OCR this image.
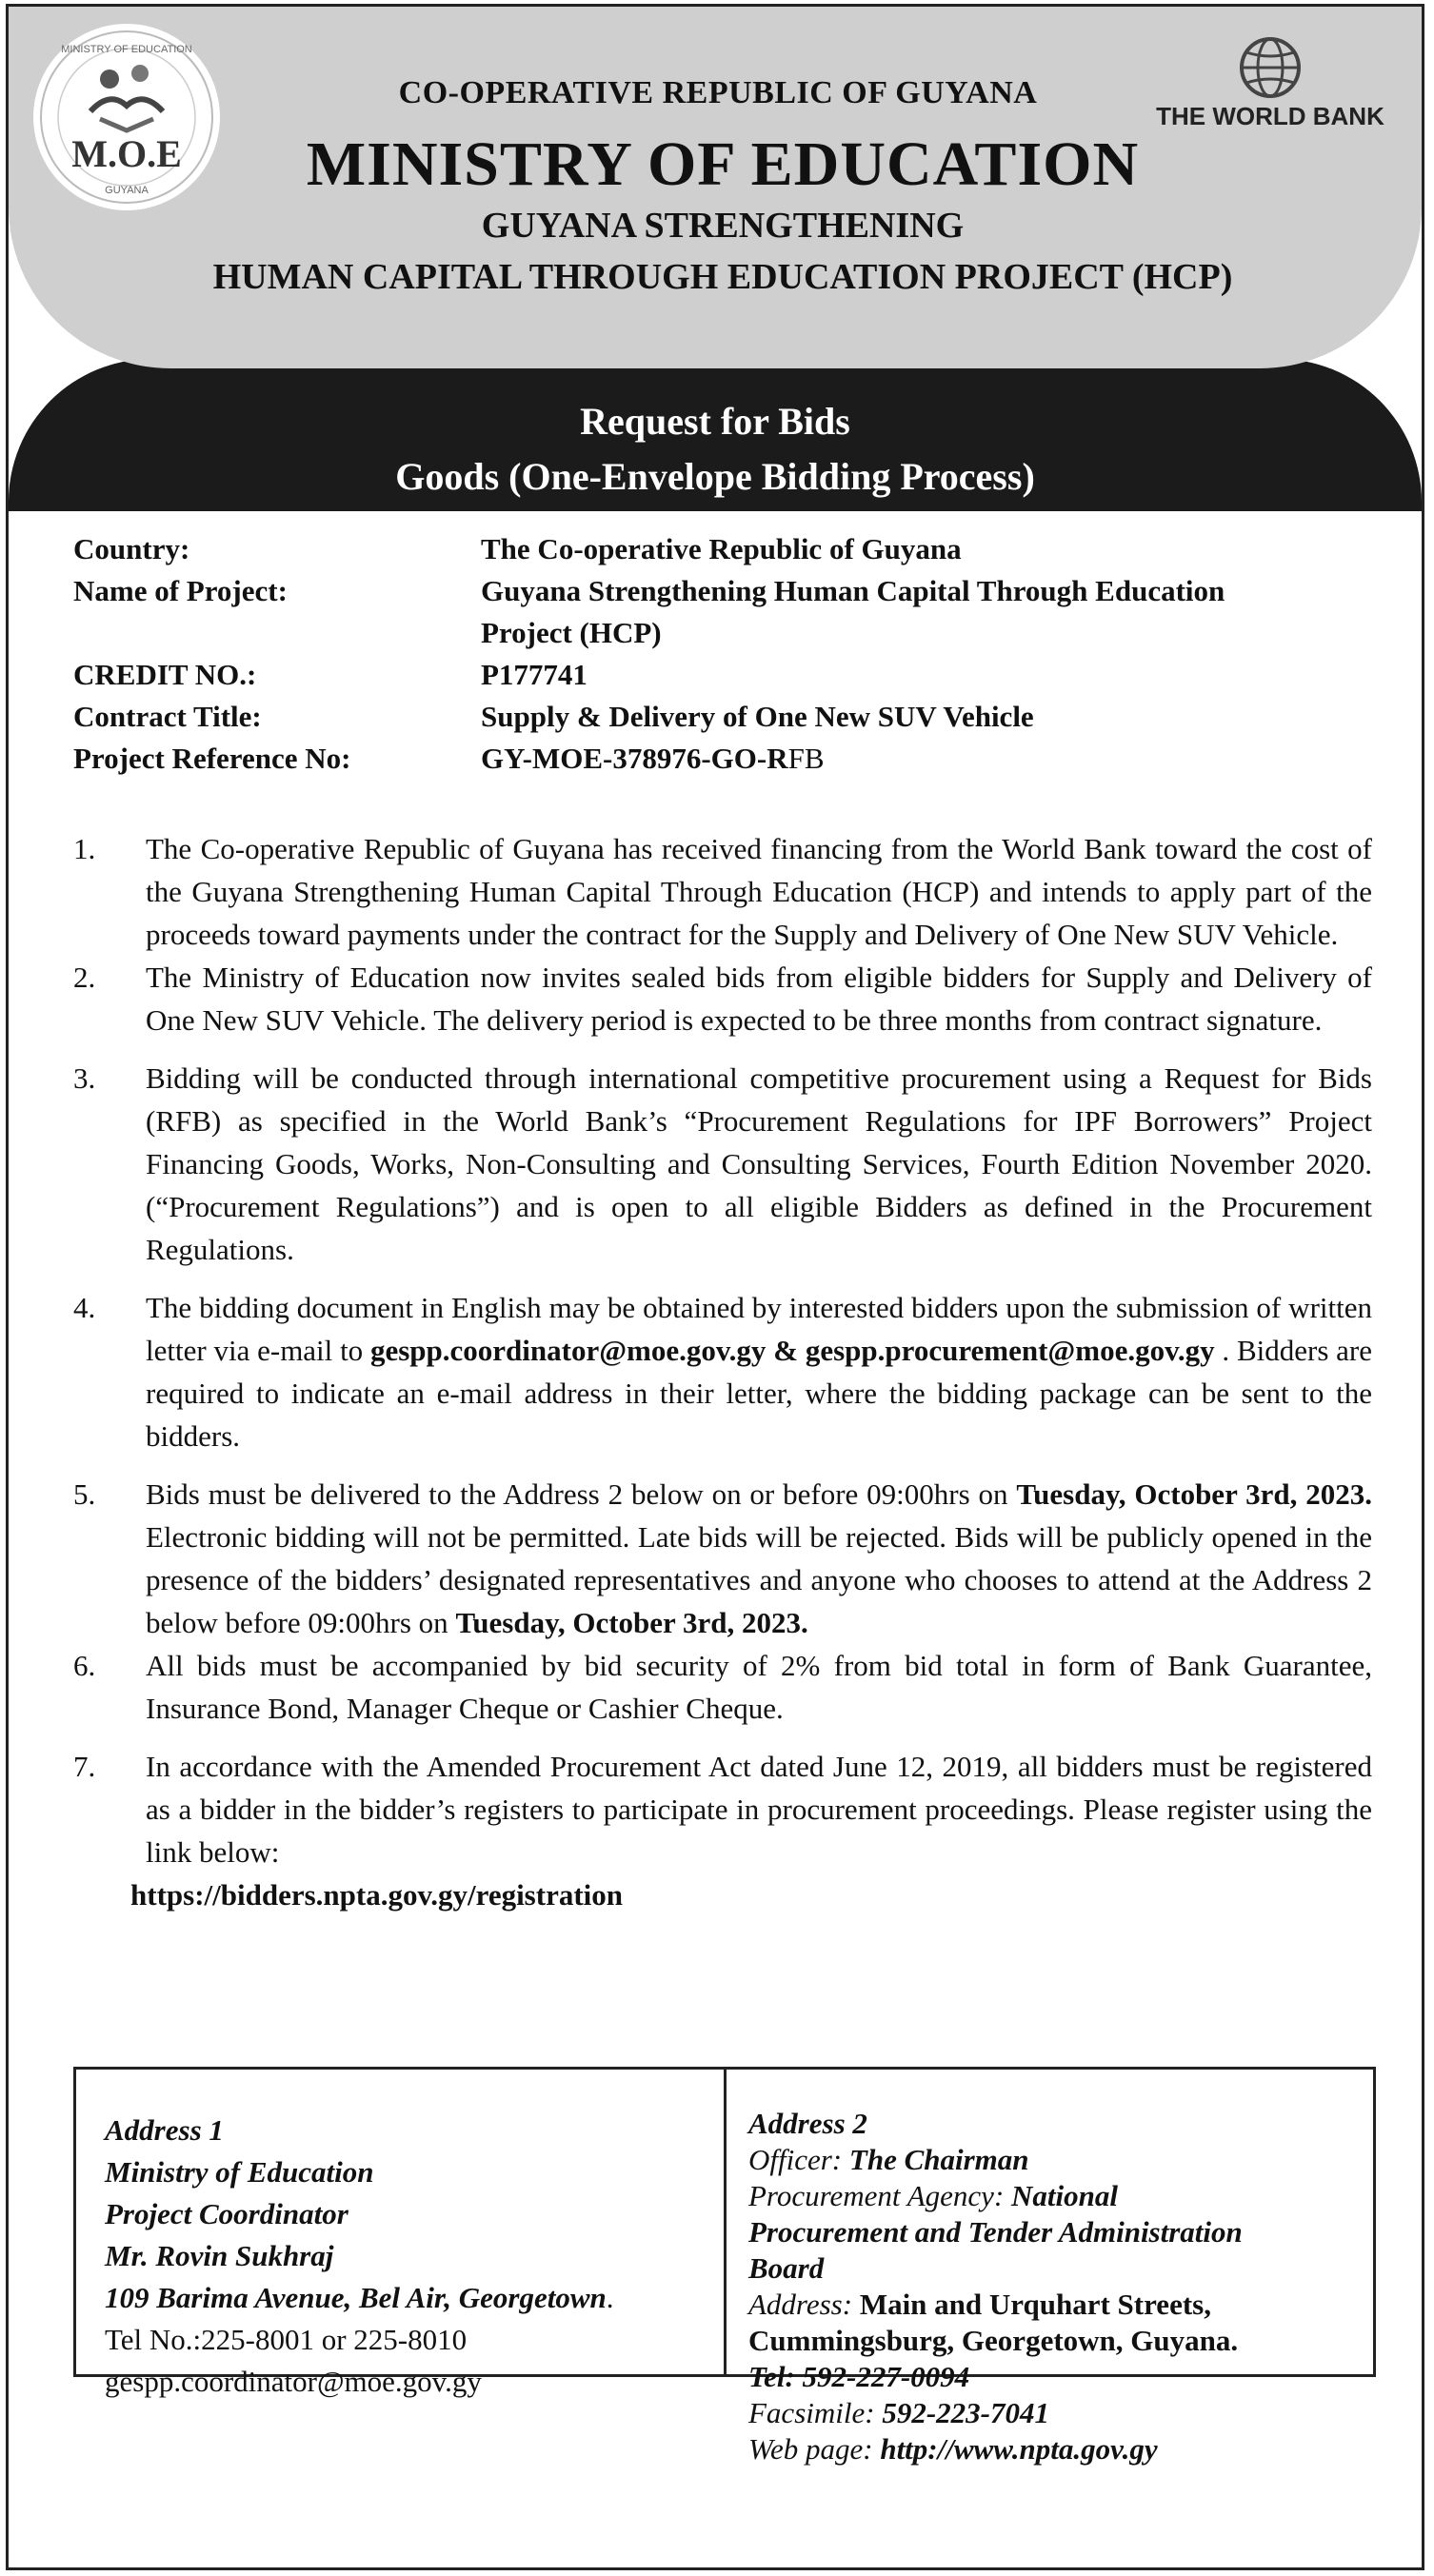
Request for Bids
Goods (One-Envelope Bidding Process)
M.O.E
MINISTRY OF EDUCATION
GUYANA
CO-OPERATIVE REPUBLIC OF GUYANA
MINISTRY OF EDUCATION
GUYANA STRENGTHENING
HUMAN CAPITAL THROUGH EDUCATION PROJECT (HCP)
THE WORLD BANK
Country:	The Co-operative Republic of Guyana
Name of Project:	Guyana Strengthening Human Capital Through Education
Project (HCP)
CREDIT NO.:	P177741
Contract Title:	Supply & Delivery of One New SUV Vehicle
Project Reference No:	GY-MOE-378976-GO-RFB
1. The Co-operative Republic of Guyana has received financing from the World Bank toward the cost of the Guyana Strengthening Human Capital Through Education (HCP) and intends to apply part of the proceeds toward payments under the contract for the Supply and Delivery of One New SUV Vehicle.
2. The Ministry of Education now invites sealed bids from eligible bidders for Supply and Delivery of One New SUV Vehicle. The delivery period is expected to be three months from contract signature.
3. Bidding will be conducted through international competitive procurement using a Request for Bids (RFB) as specified in the World Bank’s “Procurement Regulations for IPF Borrowers” Project Financing Goods, Works, Non-Consulting and Consulting Services, Fourth Edition November 2020. (“Procurement Regulations”) and is open to all eligible Bidders as defined in the Procurement Regulations.
4. The bidding document in English may be obtained by interested bidders upon the submission of written letter via e-mail to gespp.coordinator@moe.gov.gy & gespp.procurement@moe.gov.gy . Bidders are required to indicate an e-mail address in their letter, where the bidding package can be sent to the bidders.
5. Bids must be delivered to the Address 2 below on or before 09:00hrs on Tuesday, October 3rd, 2023. Electronic bidding will not be permitted. Late bids will be rejected. Bids will be publicly opened in the presence of the bidders’ designated representatives and anyone who chooses to attend at the Address 2 below before 09:00hrs on Tuesday, October 3rd, 2023.
6. All bids must be accompanied by bid security of 2% from bid total in form of Bank Guarantee, Insurance Bond, Manager Cheque or Cashier Cheque.
7. In accordance with the Amended Procurement Act dated June 12, 2019, all bidders must be registered as a bidder in the bidder’s registers to participate in procurement proceedings. Please register using the link below:
https://bidders.npta.gov.gy/registration
Address 1
Ministry of Education
Project Coordinator
Mr. Rovin Sukhraj
109 Barima Avenue, Bel Air, Georgetown.
Tel No.:225-8001 or 225-8010
gespp.coordinator@moe.gov.gy
Address 2
Officer: The Chairman
Procurement Agency: National
Procurement and Tender Administration
Board
Address: Main and Urquhart Streets,
Cummingsburg, Georgetown, Guyana.
Tel: 592-227-0094
Facsimile: 592-223-7041
Web page: http://www.npta.gov.gy
